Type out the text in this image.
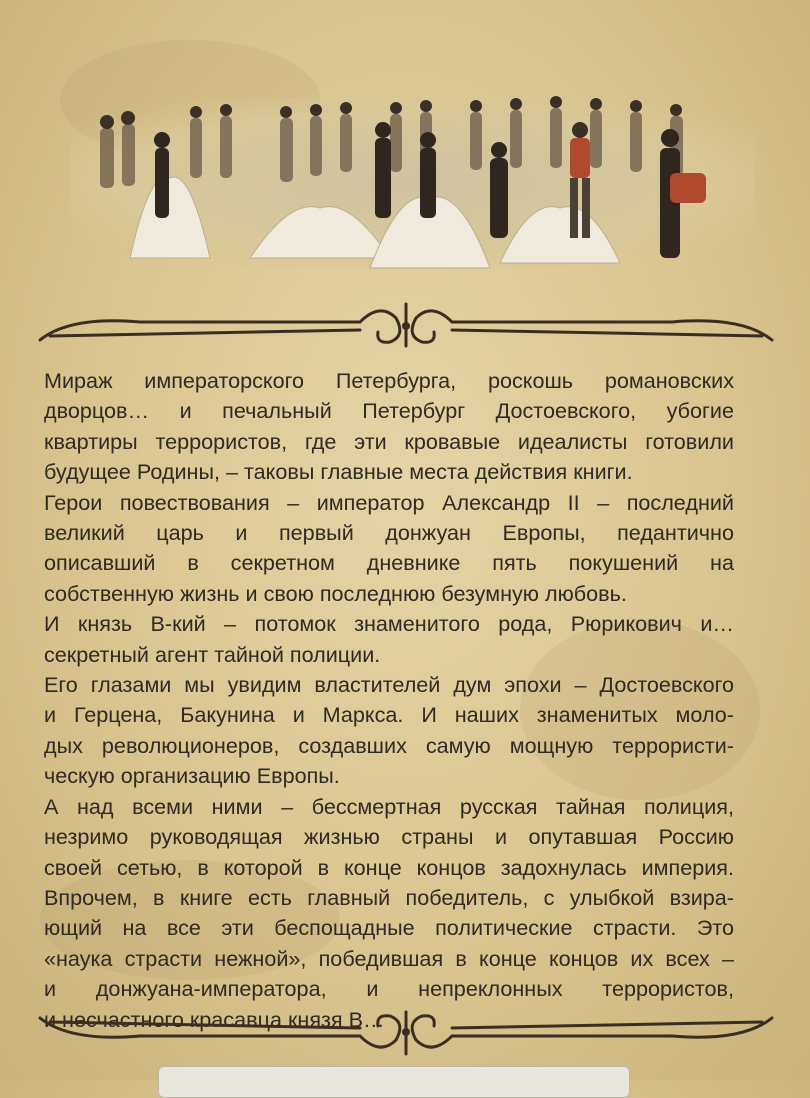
Мираж императорского Петербурга, роскошь романовских
дворцов… и печальный Петербург Достоевского, убогие
квартиры террористов, где эти кровавые идеалисты готовили
будущее Родины, – таковы главные места действия книги.
Герои повествования – император Александр II – последний
великий царь и первый донжуан Европы, педантично
описавший в секретном дневнике пять покушений на
собственную жизнь и свою последнюю безумную любовь.
И князь В-кий – потомок знаменитого рода, Рюрикович и…
секретный агент тайной полиции.
Его глазами мы увидим властителей дум эпохи – Достоевского
и Герцена, Бакунина и Маркса. И наших знаменитых моло-
дых революционеров, создавших самую мощную террористи-
ческую организацию Европы.
А над всеми ними – бессмертная русская тайная полиция,
незримо руководящая жизнью страны и опутавшая Россию
своей сетью, в которой в конце концов задохнулась империя.
Впрочем, в книге есть главный победитель, с улыбкой взира-
ющий на все эти беспощадные политические страсти. Это
«наука страсти нежной», победившая в конце концов их всех –
и донжуана-императора, и непреклонных террористов,
и несчастного красавца князя В…
